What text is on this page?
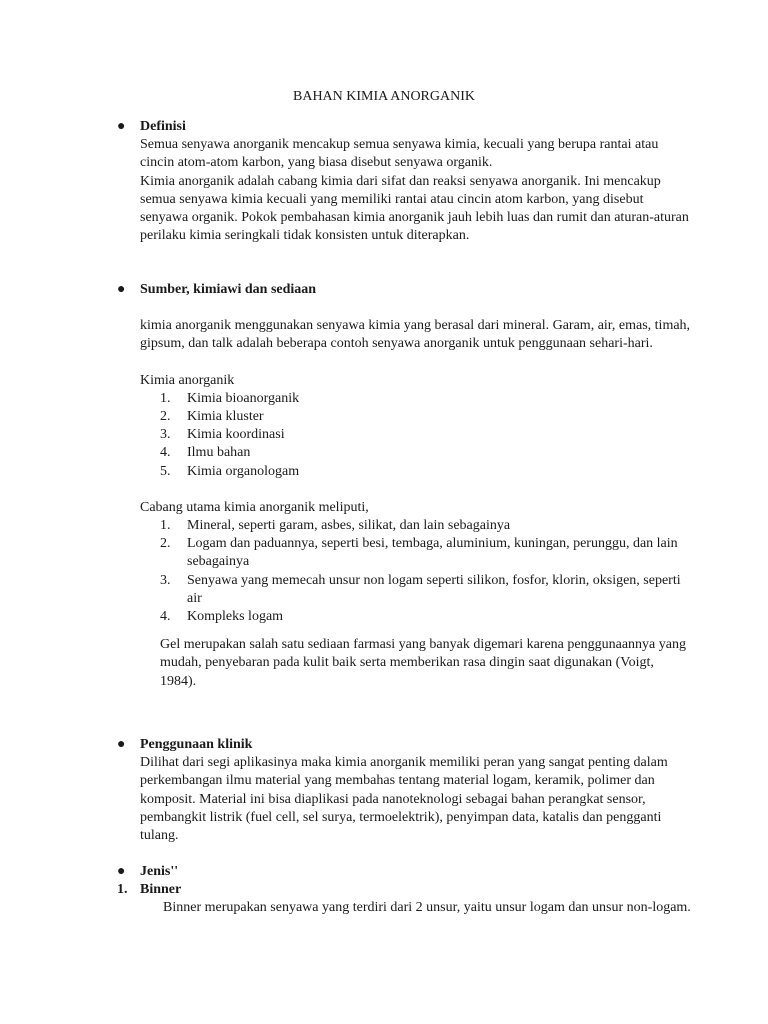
BAHAN KIMIA ANORGANIK
● Definisi

Semua senyawa anorganik mencakup semua senyawa kimia, kecuali yang berupa rantai atau cincin atom-atom karbon, yang biasa disebut senyawa organik.

Kimia anorganik adalah cabang kimia dari sifat dan reaksi senyawa anorganik. Ini mencakup semua senyawa kimia kecuali yang memiliki rantai atau cincin atom karbon, yang disebut senyawa organik. Pokok pembahasan kimia anorganik jauh lebih luas dan rumit dan aturan-aturan perilaku kimia seringkali tidak konsisten untuk diterapkan.

● Sumber, kimiawi dan sediaan

kimia anorganik menggunakan senyawa kimia yang berasal dari mineral. Garam, air, emas, timah, gipsum, dan talk adalah beberapa contoh senyawa anorganik untuk penggunaan sehari-hari.

Kimia anorganik

1.	Kimia bioanorganik
2.	Kimia kluster
3.	Kimia koordinasi
4.	Ilmu bahan
5.	Kimia organologam

Cabang utama kimia anorganik meliputi,

1.	Mineral, seperti garam, asbes, silikat, dan lain sebagainya
2.	Logam dan paduannya, seperti besi, tembaga, aluminium, kuningan, perunggu, dan lain sebagainya
3.	Senyawa yang memecah unsur non logam seperti silikon, fosfor, klorin, oksigen, seperti air
4.	Kompleks logam

Gel merupakan salah satu sediaan farmasi yang banyak digemari karena penggunaannya yang mudah, penyebaran pada kulit baik serta memberikan rasa dingin saat digunakan (Voigt, 1984).

● Penggunaan klinik

Dilihat dari segi aplikasinya maka kimia anorganik memiliki peran yang sangat penting dalam perkembangan ilmu material yang membahas tentang material logam, keramik, polimer dan komposit. Material ini bisa diaplikasi pada nanoteknologi sebagai bahan perangkat sensor, pembangkit listrik (fuel cell, sel surya, termoelektrik), penyimpan data, katalis dan pengganti tulang.

● Jenis''
1. Binner

Binner merupakan senyawa yang terdiri dari 2 unsur, yaitu unsur logam dan unsur non-logam.
